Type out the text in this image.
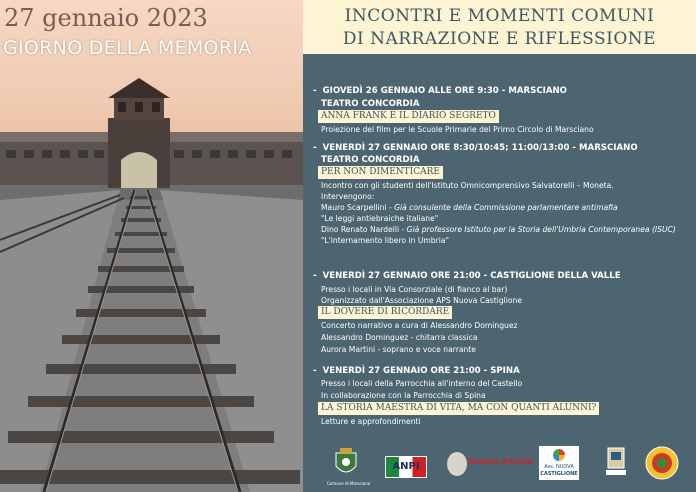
27 gennaio 2023
GIORNO DELLA MEMORIA
INCONTRI E MOMENTI COMUNI
DI NARRAZIONE E RIFLESSIONE
- GIOVEDÌ 26 GENNAIO ALLE ORE 9:30 - MARSCIANO
TEATRO CONCORDIA
ANNA FRANK E IL DIARIO SEGRETO
Proiezione del film per le Scuole Primarie del Primo Circolo di Marsciano
- VENERDÌ 27 GENNAIO ORE 8:30/10:45; 11:00/13:00 - MARSCIANO
TEATRO CONCORDIA
PER NON DIMENTICARE
Incontro con gli studenti dell'Istituto Omnicomprensivo Salvatorelli – Moneta.
Intervengono:
Mauro Scarpellini - Già consulente della Commissione parlamentare antimafia
"Le leggi antiebraiche italiane"
Dino Renato Nardelli - Già professore Istituto per la Storia dell'Umbria Contemporanea (ISUC)
"L'internamento libero in Umbria"
- VENERDÌ 27 GENNAIO ORE 21:00 - CASTIGLIONE DELLA VALLE
Presso i locali in Via Consorziale (di fianco al bar)
Organizzato dall'Associazione APS Nuova Castiglione
IL DOVERE DI RICORDARE
Concerto narrativo a cura di Alessandro Dominguez
Alessandro Dominguez - chitarra classica
Aurora Martini - soprano e voce narrante
- VENERDÌ 27 GENNAIO ORE 21:00 - SPINA
Presso i locali della Parrocchia all'interno del Castello
In collaborazione con la Parrocchia di Spina
LA STORIA MAESTRA DI VITA, MA CON QUANTI ALUNNI?
Letture e approfondimenti
Comune di Marsciano
ANPI	Sandro Pertini
Ass. NUOVA
CASTIGLIONE
